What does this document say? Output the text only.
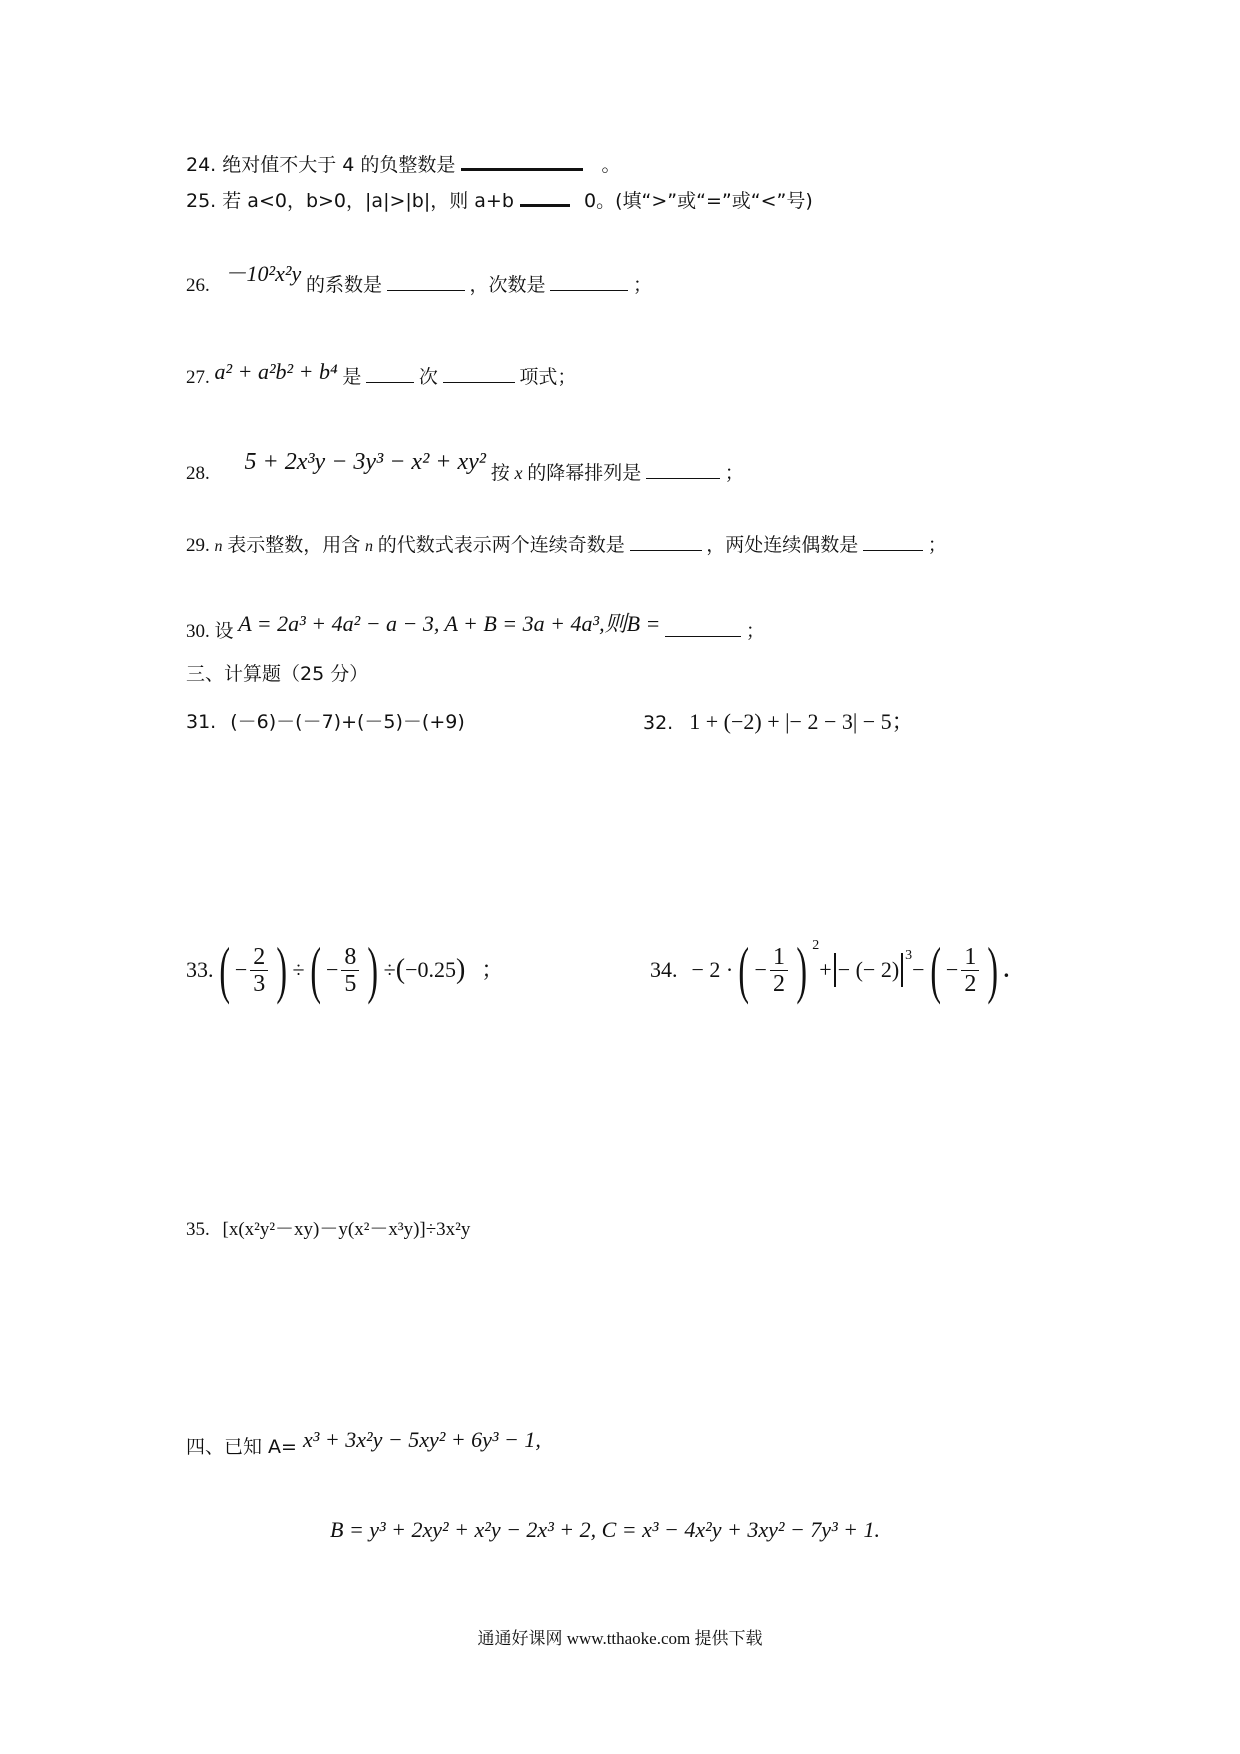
24. 绝对值不大于 4 的负整数是	。
25. 若 a<0，b>0，|a|>|b|，则 a+b	0。(填“>”或“=”或“<”号)
26. －10²x²y 的系数是	，次数是	；
27. a² + a²b² + b⁴ 是	次	项式；
28. 5 + 2x³y − 3y³ − x² + xy² 按 x 的降幂排列是	；
29. n 表示整数，用含 n 的代数式表示两个连续奇数是	，两处连续偶数是	；
30. 设 A = 2a³ + 4a² − a − 3, A + B = 3a + 4a³,则B =	；
三、计算题（25 分）
31. (－6)－(－7)+(－5)－(+9)	32. 1 + (−2) + |− 2 − 3| − 5；
33. ( − $\frac{2}{3}$ ) ÷ ( − $\frac{8}{5}$ ) ÷ ( −0.25 ) ；	34. − 2 · ( − $\frac{1}{2}$ ) 2
+ − (− 2)
3
− ( − $\frac{1}{2}$ ) .
35. [x(x²y²－xy)－y(x²－x³y)]÷3x²y
四、已知 A= x³ + 3x²y − 5xy² + 6y³ − 1,
B = y³ + 2xy² + x²y − 2x³ + 2, C = x³ − 4x²y + 3xy² − 7y³ + 1.
通通好课网 www.tthaoke.com 提供下载
